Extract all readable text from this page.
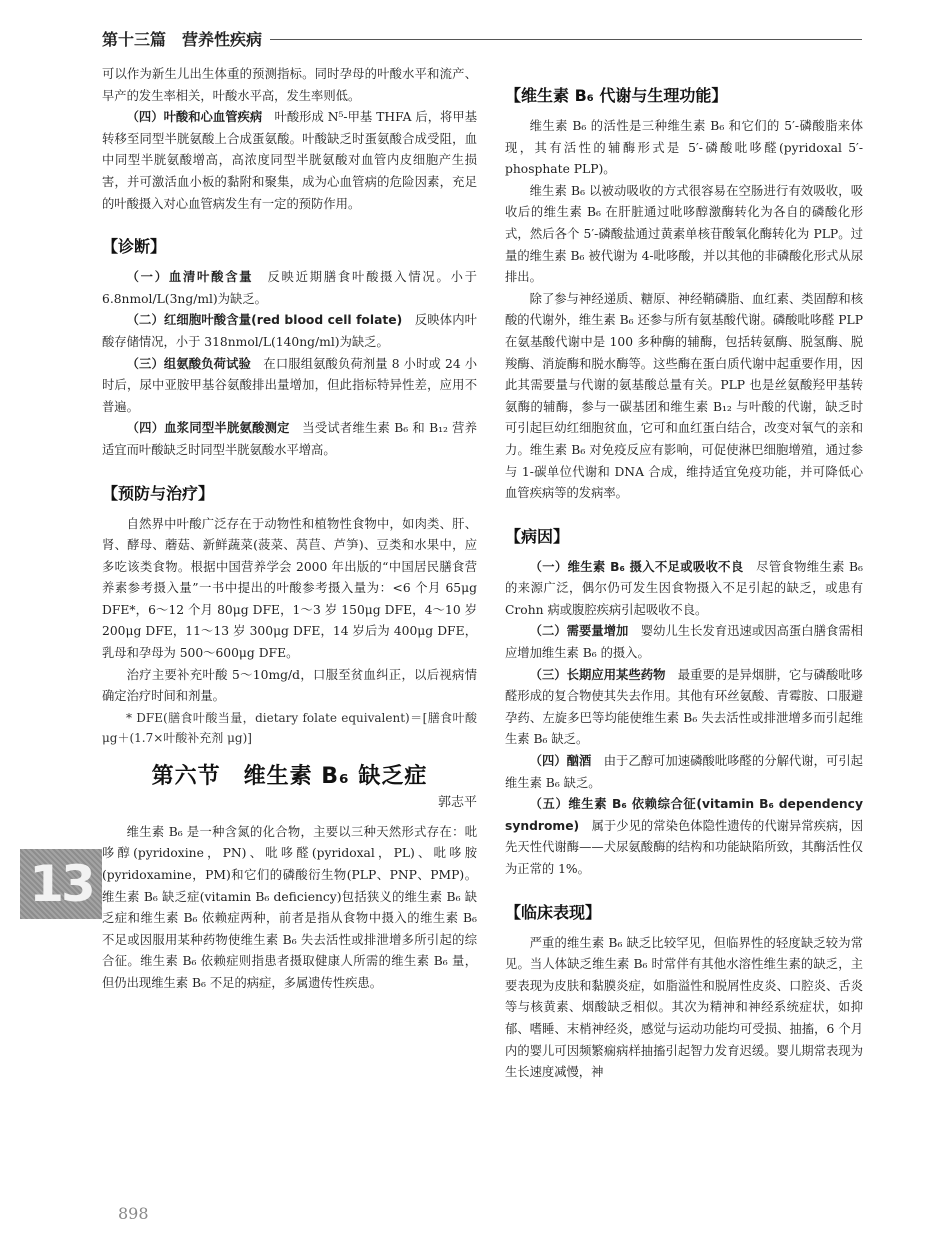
第十三篇　营养性疾病

可以作为新生儿出生体重的预测指标。同时孕母的叶酸水平和流产、早产的发生率相关，叶酸水平高，发生率则低。

（四）叶酸和心血管疾病　叶酸形成 N⁵-甲基 THFA 后，将甲基转移至同型半胱氨酸上合成蛋氨酸。叶酸缺乏时蛋氨酸合成受阻，血中同型半胱氨酸增高，高浓度同型半胱氨酸对血管内皮细胞产生损害，并可激活血小板的黏附和聚集，成为心血管病的危险因素，充足的叶酸摄入对心血管病发生有一定的预防作用。

【诊断】

（一）血清叶酸含量　反映近期膳食叶酸摄入情况。小于 6.8nmol/L(3ng/ml)为缺乏。

（二）红细胞叶酸含量(red blood cell folate)　反映体内叶酸存储情况，小于 318nmol/L(140ng/ml)为缺乏。

（三）组氨酸负荷试验　在口服组氨酸负荷剂量 8 小时或 24 小时后，尿中亚胺甲基谷氨酸排出量增加，但此指标特异性差，应用不普遍。

（四）血浆同型半胱氨酸测定　当受试者维生素 B₆ 和 B₁₂ 营养适宜而叶酸缺乏时同型半胱氨酸水平增高。

【预防与治疗】

自然界中叶酸广泛存在于动物性和植物性食物中，如肉类、肝、肾、酵母、蘑菇、新鲜蔬菜(菠菜、莴苣、芦笋)、豆类和水果中，应多吃该类食物。根据中国营养学会 2000 年出版的“中国居民膳食营养素参考摄入量”一书中提出的叶酸参考摄入量为：<6 个月 65μg DFE*，6～12 个月 80μg DFE，1～3 岁 150μg DFE，4～10 岁 200μg DFE，11～13 岁 300μg DFE，14 岁后为 400μg DFE，乳母和孕母为 500～600μg DFE。

治疗主要补充叶酸 5～10mg/d，口服至贫血纠正，以后视病情确定治疗时间和剂量。

* DFE(膳食叶酸当量，dietary folate equivalent)＝[膳食叶酸 μg＋(1.7×叶酸补充剂 μg)]

第六节　维生素 B₆ 缺乏症
郭志平

维生素 B₆ 是一种含氮的化合物，主要以三种天然形式存在：吡哆醇(pyridoxine，PN)、吡哆醛(pyridoxal，PL)、吡哆胺(pyridoxamine，PM)和它们的磷酸衍生物(PLP、PNP、PMP)。维生素 B₆ 缺乏症(vitamin B₆ deficiency)包括狭义的维生素 B₆ 缺乏症和维生素 B₆ 依赖症两种，前者是指从食物中摄入的维生素 B₆ 不足或因服用某种药物使维生素 B₆ 失去活性或排泄增多所引起的综合征。维生素 B₆ 依赖症则指患者摄取健康人所需的维生素 B₆ 量，但仍出现维生素 B₆ 不足的病症，多属遗传性疾患。

【维生素 B₆ 代谢与生理功能】

维生素 B₆ 的活性是三种维生素 B₆ 和它们的 5′-磷酸脂来体现，其有活性的辅酶形式是 5′-磷酸吡哆醛(pyridoxal 5′-phosphate PLP)。

维生素 B₆ 以被动吸收的方式很容易在空肠进行有效吸收，吸收后的维生素 B₆ 在肝脏通过吡哆醇激酶转化为各自的磷酸化形式，然后各个 5′-磷酸盐通过黄素单核苷酸氧化酶转化为 PLP。过量的维生素 B₆ 被代谢为 4-吡哆酸，并以其他的非磷酸化形式从尿排出。

除了参与神经递质、糖原、神经鞘磷脂、血红素、类固醇和核酸的代谢外，维生素 B₆ 还参与所有氨基酸代谢。磷酸吡哆醛 PLP 在氨基酸代谢中是 100 多种酶的辅酶，包括转氨酶、脱氢酶、脱羧酶、消旋酶和脱水酶等。这些酶在蛋白质代谢中起重要作用，因此其需要量与代谢的氨基酸总量有关。PLP 也是丝氨酸羟甲基转氨酶的辅酶，参与一碳基团和维生素 B₁₂ 与叶酸的代谢，缺乏时可引起巨幼红细胞贫血，它可和血红蛋白结合，改变对氧气的亲和力。维生素 B₆ 对免疫反应有影响，可促使淋巴细胞增殖，通过参与 1-碳单位代谢和 DNA 合成，维持适宜免疫功能，并可降低心血管疾病等的发病率。

【病因】

（一）维生素 B₆ 摄入不足或吸收不良　尽管食物维生素 B₆ 的来源广泛，偶尔仍可发生因食物摄入不足引起的缺乏，或患有 Crohn 病或腹腔疾病引起吸收不良。

（二）需要量增加　婴幼儿生长发育迅速或因高蛋白膳食需相应增加维生素 B₆ 的摄入。

（三）长期应用某些药物　最重要的是异烟肼，它与磷酸吡哆醛形成的复合物使其失去作用。其他有环丝氨酸、青霉胺、口服避孕药、左旋多巴等均能使维生素 B₆ 失去活性或排泄增多而引起维生素 B₆ 缺乏。

（四）酗酒　由于乙醇可加速磷酸吡哆醛的分解代谢，可引起维生素 B₆ 缺乏。

（五）维生素 B₆ 依赖综合征(vitamin B₆ dependency syndrome)　属于少见的常染色体隐性遗传的代谢异常疾病，因先天性代谢酶——犬尿氨酸酶的结构和功能缺陷所致，其酶活性仅为正常的 1%。

【临床表现】

严重的维生素 B₆ 缺乏比较罕见，但临界性的轻度缺乏较为常见。当人体缺乏维生素 B₆ 时常伴有其他水溶性维生素的缺乏，主要表现为皮肤和黏膜炎症，如脂溢性和脱屑性皮炎、口腔炎、舌炎等与核黄素、烟酸缺乏相似。其次为精神和神经系统症状，如抑郁、嗜睡、末梢神经炎，感觉与运动功能均可受损、抽搐，6 个月内的婴儿可因频繁痫病样抽搐引起智力发育迟缓。婴儿期常表现为生长速度减慢，神

13
898
